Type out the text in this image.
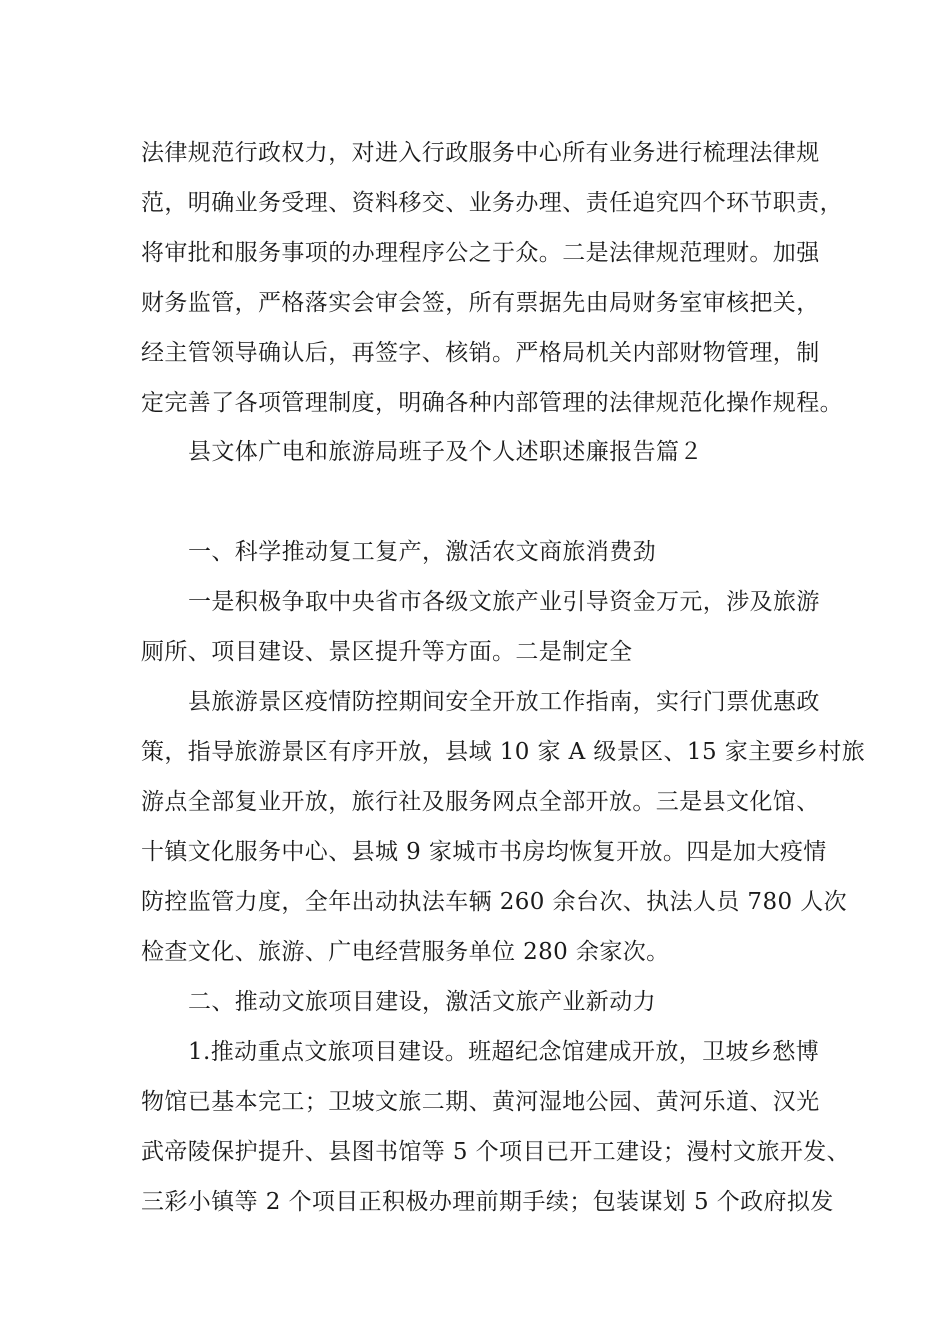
法律规范行政权力，对进入行政服务中心所有业务进行梳理法律规

范，明确业务受理、资料移交、业务办理、责任追究四个环节职责，

将审批和服务事项的办理程序公之于众。二是法律规范理财。加强

财务监管，严格落实会审会签，所有票据先由局财务室审核把关，

经主管领导确认后，再签字、核销。严格局机关内部财物管理，制

定完善了各项管理制度，明确各种内部管理的法律规范化操作规程。

县文体广电和旅游局班子及个人述职述廉报告篇２

一、科学推动复工复产，激活农文商旅消费劲

一是积极争取中央省市各级文旅产业引导资金万元，涉及旅游

厕所、项目建设、景区提升等方面。二是制定全

县旅游景区疫情防控期间安全开放工作指南，实行门票优惠政

策，指导旅游景区有序开放，县域 10 家 A 级景区、15 家主要乡村旅

游点全部复业开放，旅行社及服务网点全部开放。三是县文化馆、

十镇文化服务中心、县城 9 家城市书房均恢复开放。四是加大疫情

防控监管力度，全年出动执法车辆 260 余台次、执法人员 780 人次

检查文化、旅游、广电经营服务单位 280 余家次。

二、推动文旅项目建设，激活文旅产业新动力

1.推动重点文旅项目建设。班超纪念馆建成开放，卫坡乡愁博

物馆已基本完工；卫坡文旅二期、黄河湿地公园、黄河乐道、汉光

武帝陵保护提升、县图书馆等 5 个项目已开工建设；漫村文旅开发、

三彩小镇等 2 个项目正积极办理前期手续；包装谋划 5 个政府拟发
